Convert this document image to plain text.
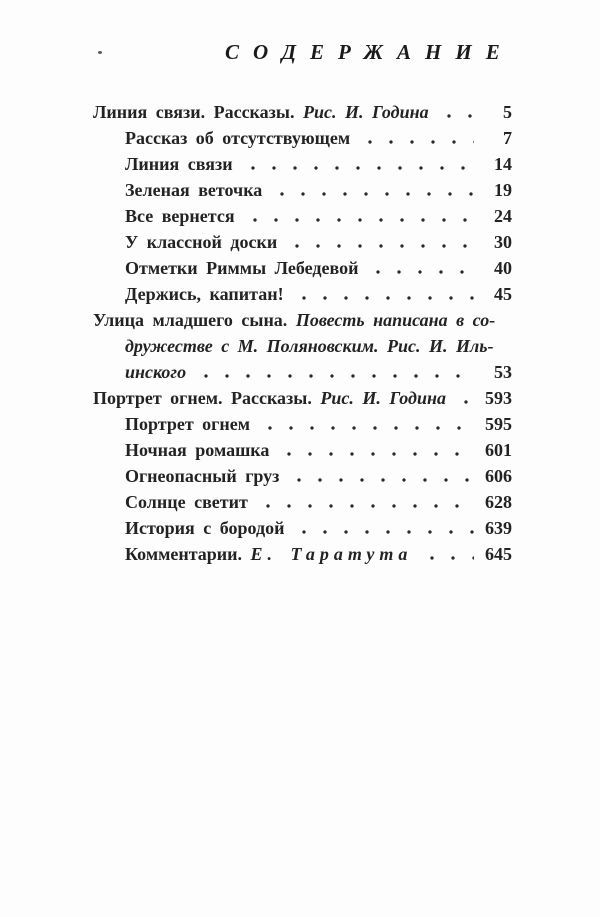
СОДЕРЖАНИЕ
Линия связи. Рассказы. Рис. И. Година	5
Рассказ об отсутствующем	7
Линия связи	14
Зеленая веточка	19
Все вернется	24
У классной доски	30
Отметки Риммы Лебедевой	40
Держись, капитан!	45
Улица младшего сына. Повесть написана в со-
дружестве с М. Поляновским. Рис. И. Иль-
инского	53
Портрет огнем. Рассказы. Рис. И. Година	593
Портрет огнем	595
Ночная ромашка	601
Огнеопасный груз	606
Солнце светит	628
История с бородой	639
Комментарии. Е. Таратута	645
